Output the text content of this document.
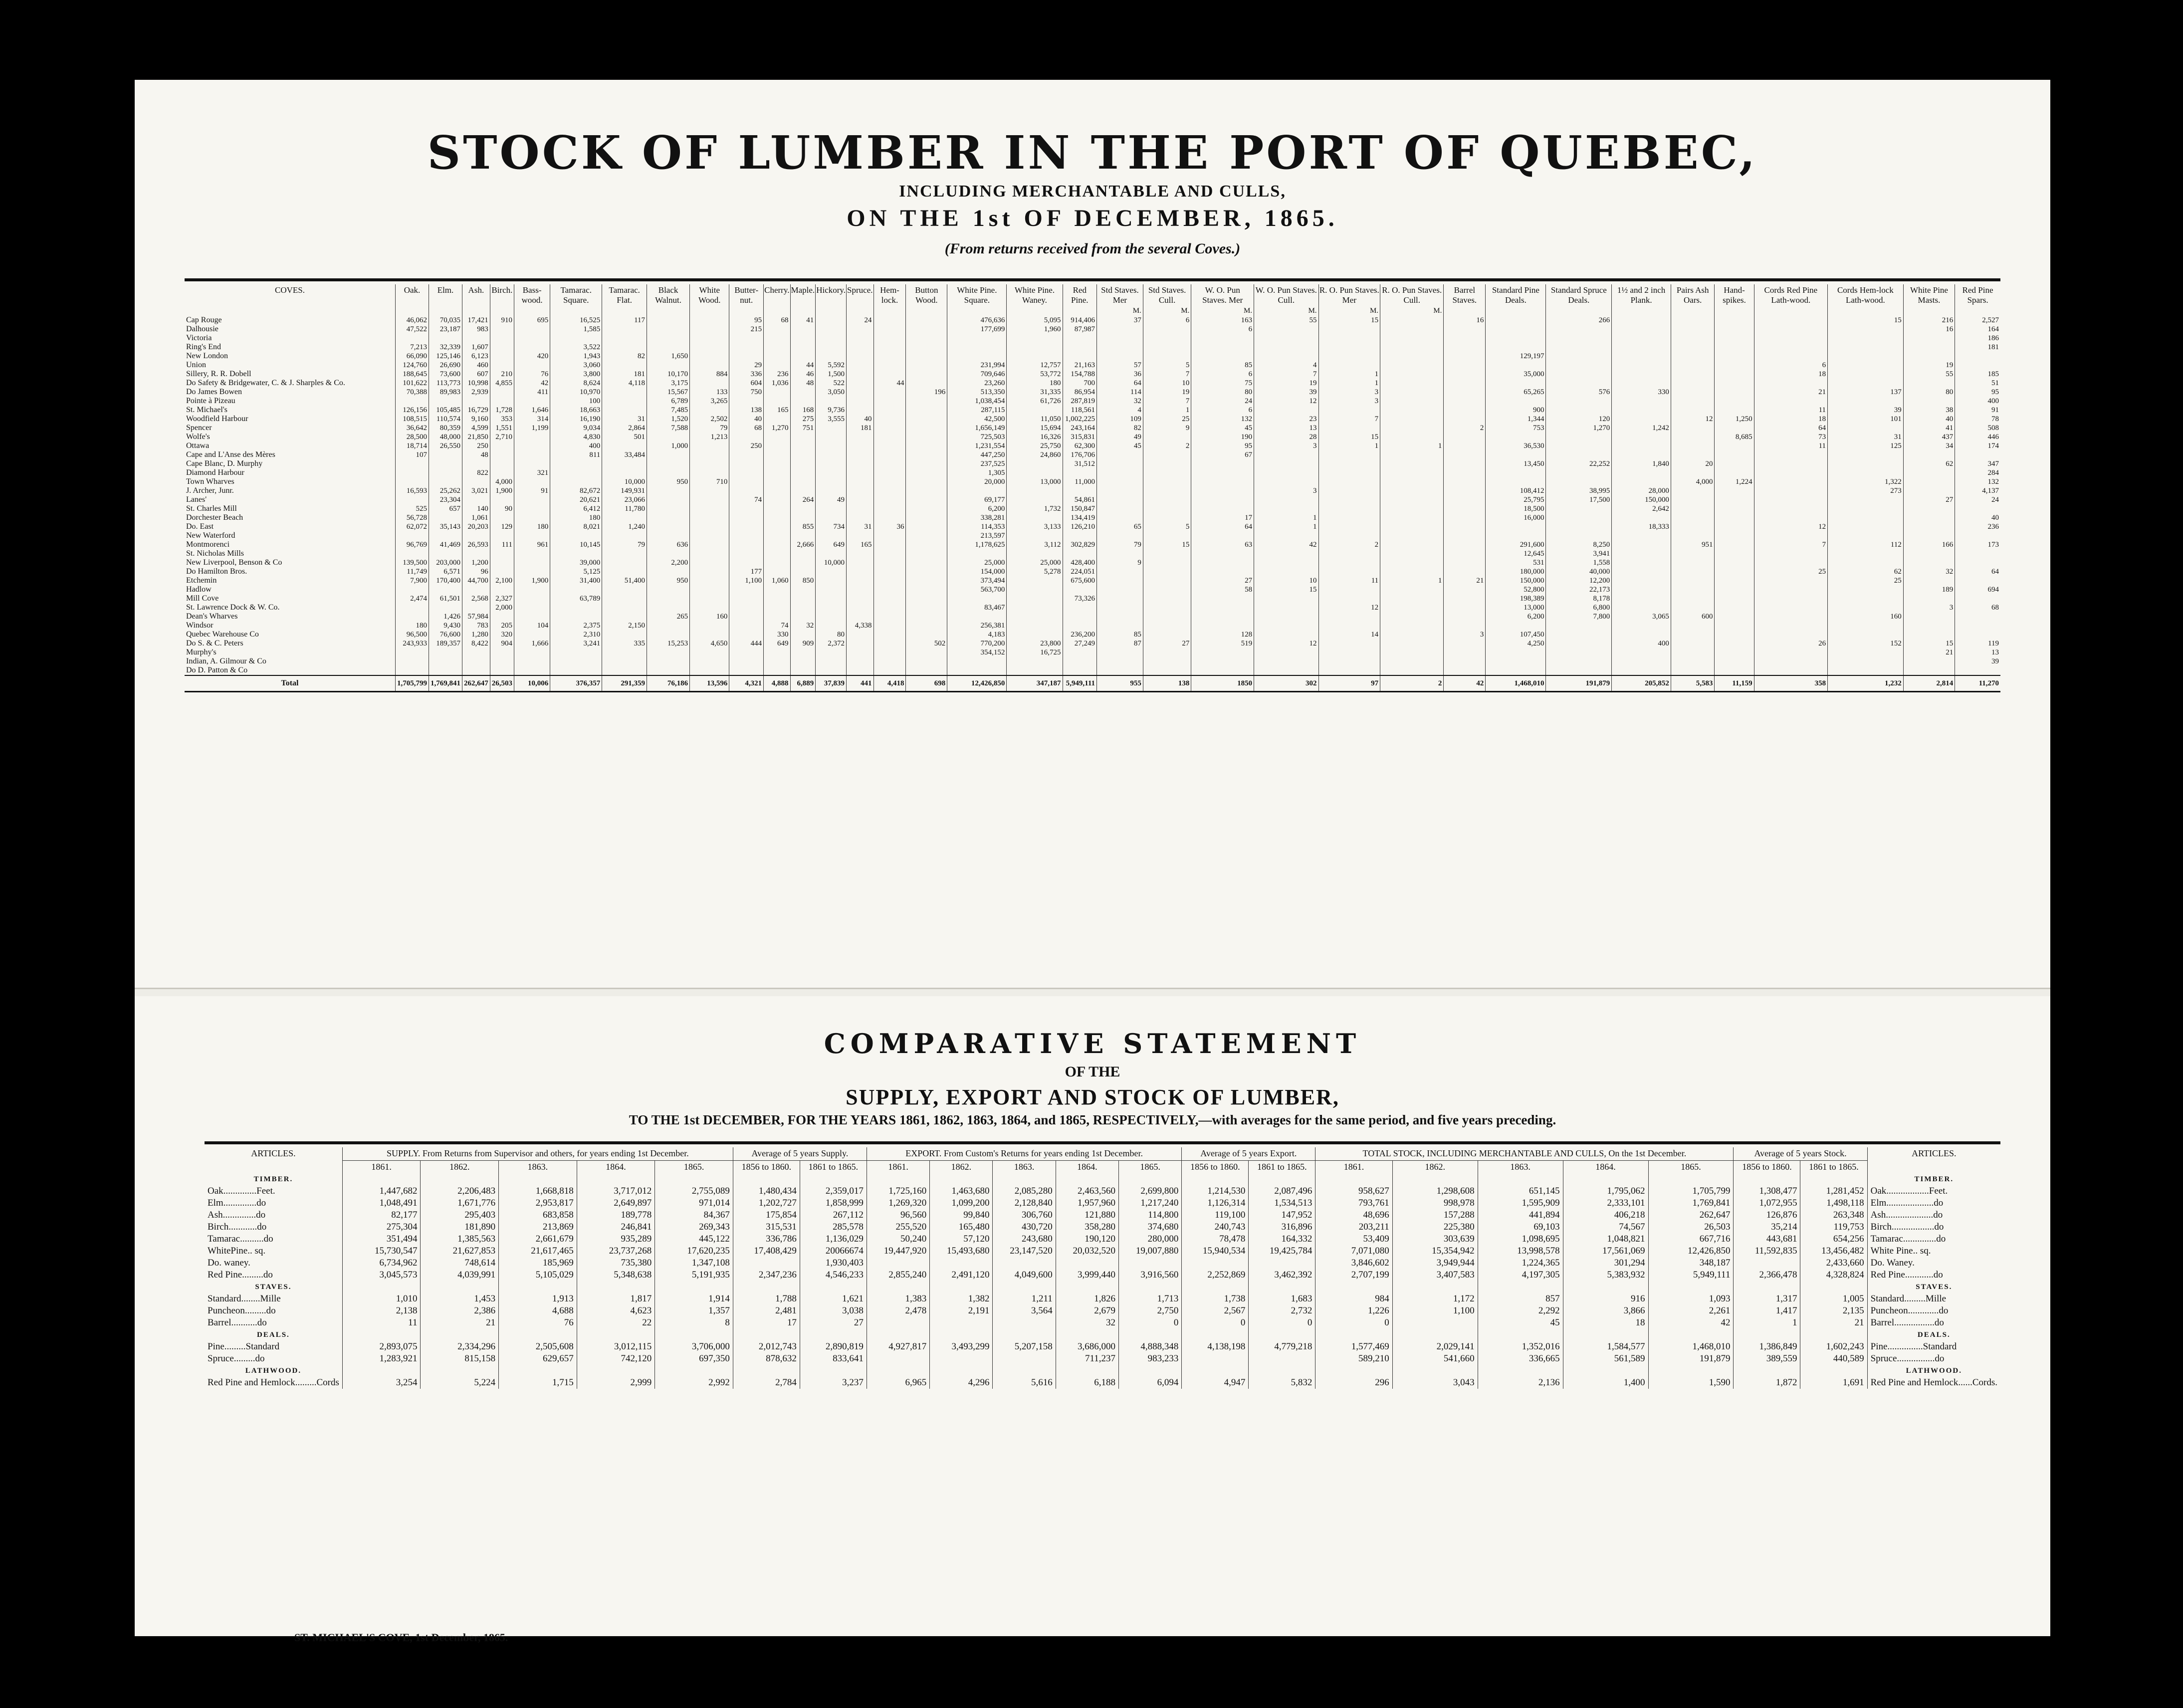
STOCK OF LUMBER IN THE PORT OF QUEBEC,
INCLUDING MERCHANTABLE AND CULLS,
ON THE 1st OF DECEMBER, 1865.
(From returns received from the several Coves.)
COVES.	Oak.	Elm.	Ash.	Birch.	Bass-wood.	Tamarac. Square.	Tamarac. Flat.	Black Walnut.	White Wood.	Butter-nut.	Cherry.	Maple.	Hickory.	Spruce.	Hem-lock.	Button Wood.	White Pine. Square.	White Pine. Waney.	Red Pine.	Std Staves. Mer	Std Staves. Cull.	W. O. Pun Staves. Mer	W. O. Pun Staves. Cull.	R. O. Pun Staves. Mer	R. O. Pun Staves. Cull.	Barrel Staves.	Standard Pine Deals.	Standard Spruce Deals.	1½ and 2 inch Plank.	Pairs Ash Oars.	Hand-spikes.	Cords Red Pine Lath-wood.	Cords Hem-lock Lath-wood.	White Pine Masts.	Red Pine Spars.
																				M.	M.	M.	M.	M.	M.										
Cap Rouge	46,062	70,035	17,421	910	695	16,525	117			95	68	41		24			476,636	5,095	914,406	37	6	163	55	15		16		266					15	216	2,527
Dalhousie	47,522	23,187	983			1,585				215							177,699	1,960	87,987			6												16	164
Victoria																																			186
Ring's End	7,213	32,339	1,607			3,522																													181
New London	66,090	125,146	6,123		420	1,943	82	1,650																			129,197								
Union	124,760	26,690	460			3,060				29		44	5,592				231,994	12,757	21,163	57	5	85	4									6		19	
Sillery, R. R. Dobell	188,645	73,600	607	210	76	3,800	181	10,170	884	336	236	46	1,500				709,646	53,772	154,788	36	7	6	7	1			35,000					18		55	185
Do Safety & Bridgewater, C. & J. Sharples & Co.	101,622	113,773	10,998	4,855	42	8,624	4,118	3,175		604	1,036	48	522		44		23,260	180	700	64	10	75	19	1											51
Do James Bowen	70,388	89,983	2,939		411	10,970		15,567	133	750			3,050			196	513,350	31,335	86,954	114	19	80	39	3			65,265	576	330			21	137	80	95
Pointe à Pizeau						100		6,789	3,265								1,038,454	61,726	287,819	32	7	24	12	3											400
St. Michael's	126,156	105,485	16,729	1,728	1,646	18,663		7,485		138	165	168	9,736				287,115		118,561	4	1	6					900					11	39	38	91
Woodfield Harbour	108,515	110,574	9,160	353	314	16,190	31	1,520	2,502	40		275	3,555	40			42,500	11,050	1,002,225	109	25	132	23	7			1,344	120		12	1,250	18	101	40	78
Spencer	36,642	80,359	4,599	1,551	1,199	9,034	2,864	7,588	79	68	1,270	751		181			1,656,149	15,694	243,164	82	9	45	13			2	753	1,270	1,242			64		41	508
Wolfe's	28,500	48,000	21,850	2,710		4,830	501		1,213								725,503	16,326	315,831	49		190	28	15							8,685	73	31	437	446
Ottawa	18,714	26,550	250			400		1,000		250							1,231,554	25,750	62,300	45	2	95	3	1	1		36,530					11	125	34	174
Cape and L'Anse des Mères	107		48			811	33,484										447,250	24,860	176,706			67													
Cape Blanc, D. Murphy																	237,525		31,512								13,450	22,252	1,840	20				62	347
Diamond Harbour			822		321												1,305																		284
Town Wharves				4,000			10,000	950	710								20,000	13,000	11,000											4,000	1,224		1,322		132
J. Archer, Junr.	16,593	25,262	3,021	1,900	91	82,672	149,931																3				108,412	38,995	28,000				273		4,137
Lanes'		23,304				20,621	23,066			74		264	49				69,177		54,861								25,795	17,500	150,000					27	24
St. Charles Mill	525	657	140	90		6,412	11,780										6,200	1,732	150,847								18,500		2,642						
Dorchester Beach	56,728		1,061			180											338,281		134,419			17	1				16,000								40
Do. East	62,072	35,143	20,203	129	180	8,021	1,240					855	734	31	36		114,353	3,133	126,210	65	5	64	1						18,333			12			236
New Waterford																	213,597																		
Montmorenci	96,769	41,469	26,593	111	961	10,145	79	636				2,666	649	165			1,178,625	3,112	302,829	79	15	63	42	2			291,600	8,250		951		7	112	166	173
St. Nicholas Mills																											12,645	3,941							
New Liverpool, Benson & Co	139,500	203,000	1,200			39,000		2,200					10,000				25,000	25,000	428,400	9							531	1,558							
Do Hamilton Bros.	11,749	6,571	96			5,125				177							154,000	5,278	224,051								180,000	40,000				25	62	32	64
Etchemin	7,900	170,400	44,700	2,100	1,900	31,400	51,400	950		1,100	1,060	850					373,494		675,600			27	10	11	1	21	150,000	12,200					25		
Hadlow																	563,700					58	15				52,800	22,173						189	694
Mill Cove	2,474	61,501	2,568	2,327		63,789													73,326								198,389	8,178							
St. Lawrence Dock & W. Co.				2,000													83,467							12			13,000	6,800						3	68
Dean's Wharves		1,426	57,984					265	160																		6,200	7,800	3,065	600			160		
Windsor	180	9,430	783	205	104	2,375	2,150				74	32		4,338			256,381																		
Quebec Warehouse Co	96,500	76,600	1,280	320		2,310					330		80				4,183		236,200	85		128		14		3	107,450								
Do S. & C. Peters	243,933	189,357	8,422	904	1,666	3,241	335	15,253	4,650	444	649	909	2,372			502	770,200	23,800	27,249	87	27	519	12				4,250		400			26	152	15	119
Murphy's																	354,152	16,725																21	13
Indian, A. Gilmour & Co																																			39
Do D. Patton & Co																																			
Total	1,705,799	1,769,841	262,647	26,503	10,006	376,357	291,359	76,186	13,596	4,321	4,888	6,889	37,839	441	4,418	698	12,426,850	347,187	5,949,111	955	138	1850	302	97	2	42	1,468,010	191,879	205,852	5,583	11,159	358	1,232	2,814	11,270
COMPARATIVE STATEMENT
OF THE
SUPPLY, EXPORT AND STOCK OF LUMBER,
TO THE 1st DECEMBER, FOR THE YEARS 1861, 1862, 1863, 1864, and 1865, RESPECTIVELY,—with averages for the same period, and five years preceding.
ARTICLES.	SUPPLY. From Returns from Supervisor and others, for years ending 1st December.					Average of 5 years Supply.		EXPORT. From Custom's Returns for years ending 1st December.					Average of 5 years Export.		TOTAL STOCK, INCLUDING MERCHANTABLE AND CULLS, On the 1st December.					Average of 5 years Stock.		ARTICLES.
	1861.	1862.	1863.	1864.	1865.	1856 to 1860.	1861 to 1865.	1861.	1862.	1863.	1864.	1865.	1856 to 1860.	1861 to 1865.	1861.	1862.	1863.	1864.	1865.	1856 to 1860.	1861 to 1865.	
TIMBER.																						TIMBER.
Oak..............Feet.	1,447,682	2,206,483	1,668,818	3,717,012	2,755,089	1,480,434	2,359,017	1,725,160	1,463,680	2,085,280	2,463,560	2,699,800	1,214,530	2,087,496	958,627	1,298,608	651,145	1,795,062	1,705,799	1,308,477	1,281,452	Oak..................Feet.
Elm..............do	1,048,491	1,671,776	2,953,817	2,649,897	971,014	1,202,727	1,858,999	1,269,320	1,099,200	2,128,840	1,957,960	1,217,240	1,126,314	1,534,513	793,761	998,978	1,595,909	2,333,101	1,769,841	1,072,955	1,498,118	Elm....................do
Ash..............do	82,177	295,403	683,858	189,778	84,367	175,854	267,112	96,560	99,840	306,760	121,880	114,800	119,100	147,952	48,696	157,288	441,894	406,218	262,647	126,876	263,348	Ash....................do
Birch............do	275,304	181,890	213,869	246,841	269,343	315,531	285,578	255,520	165,480	430,720	358,280	374,680	240,743	316,896	203,211	225,380	69,103	74,567	26,503	35,214	119,753	Birch..................do
Tamarac..........do	351,494	1,385,563	2,661,679	935,289	445,122	336,786	1,136,029	50,240	57,120	243,680	190,120	280,000	78,478	164,332	53,409	303,639	1,098,695	1,048,821	667,716	443,681	654,256	Tamarac..............do
WhitePine.. sq.	15,730,547	21,627,853	21,617,465	23,737,268	17,620,235	17,408,429	20066674	19,447,920	15,493,680	23,147,520	20,032,520	19,007,880	15,940,534	19,425,784	7,071,080	15,354,942	13,998,578	17,561,069	12,426,850	11,592,835	13,456,482	White Pine.. sq.
Do. waney.	6,734,962	748,614	185,969	735,380	1,347,108		1,930,403								3,846,602	3,949,944	1,224,365	301,294	348,187		2,433,660	Do. Waney.
Red Pine.........do	3,045,573	4,039,991	5,105,029	5,348,638	5,191,935	2,347,236	4,546,233	2,855,240	2,491,120	4,049,600	3,999,440	3,916,560	2,252,869	3,462,392	2,707,199	3,407,583	4,197,305	5,383,932	5,949,111	2,366,478	4,328,824	Red Pine............do
STAVES.																						STAVES.
Standard........Mille	1,010	1,453	1,913	1,817	1,914	1,788	1,621	1,383	1,382	1,211	1,826	1,713	1,738	1,683	984	1,172	857	916	1,093	1,317	1,005	Standard.........Mille
Puncheon.........do	2,138	2,386	4,688	4,623	1,357	2,481	3,038	2,478	2,191	3,564	2,679	2,750	2,567	2,732	1,226	1,100	2,292	3,866	2,261	1,417	2,135	Puncheon.............do
Barrel...........do	11	21	76	22	8	17	27				32	0	0	0	0		45	18	42	1	21	Barrel.................do
DEALS.																						DEALS.
Pine.........Standard	2,893,075	2,334,296	2,505,608	3,012,115	3,706,000	2,012,743	2,890,819	4,927,817	3,493,299	5,207,158	3,686,000	4,888,348	4,138,198	4,779,218	1,577,469	2,029,141	1,352,016	1,584,577	1,468,010	1,386,849	1,602,243	Pine...............Standard
Spruce.........do	1,283,921	815,158	629,657	742,120	697,350	878,632	833,641				711,237	983,233			589,210	541,660	336,665	561,589	191,879	389,559	440,589	Spruce................do
LATHWOOD.																						LATHWOOD.
Red Pine and Hemlock.........Cords	3,254	5,224	1,715	2,999	2,992	2,784	3,237	6,965	4,296	5,616	6,188	6,094	4,947	5,832	296	3,043	2,136	1,400	1,590	1,872	1,691	Red Pine and Hemlock......Cords.
ST. MICHAEL'S COVE, 1st December, 1865.
